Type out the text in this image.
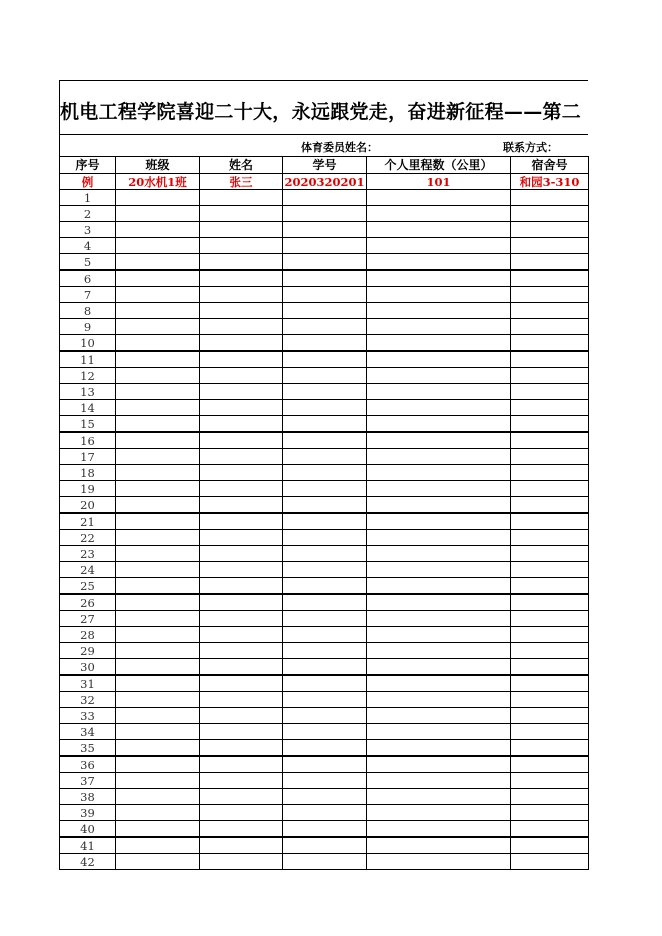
机电工程学院喜迎二十大，永远跟党走，奋进新征程——第二
体育委员姓名：	联系方式：
序号	班级	姓名	学号	个人里程数（公里）	宿舍号
例	20水机1班	张三	2020320201	101	和园3-310
1					
2					
3					
4					
5					
6					
7					
8					
9					
10					
11					
12					
13					
14					
15					
16					
17					
18					
19					
20					
21					
22					
23					
24					
25					
26					
27					
28					
29					
30					
31					
32					
33					
34					
35					
36					
37					
38					
39					
40					
41					
42					
